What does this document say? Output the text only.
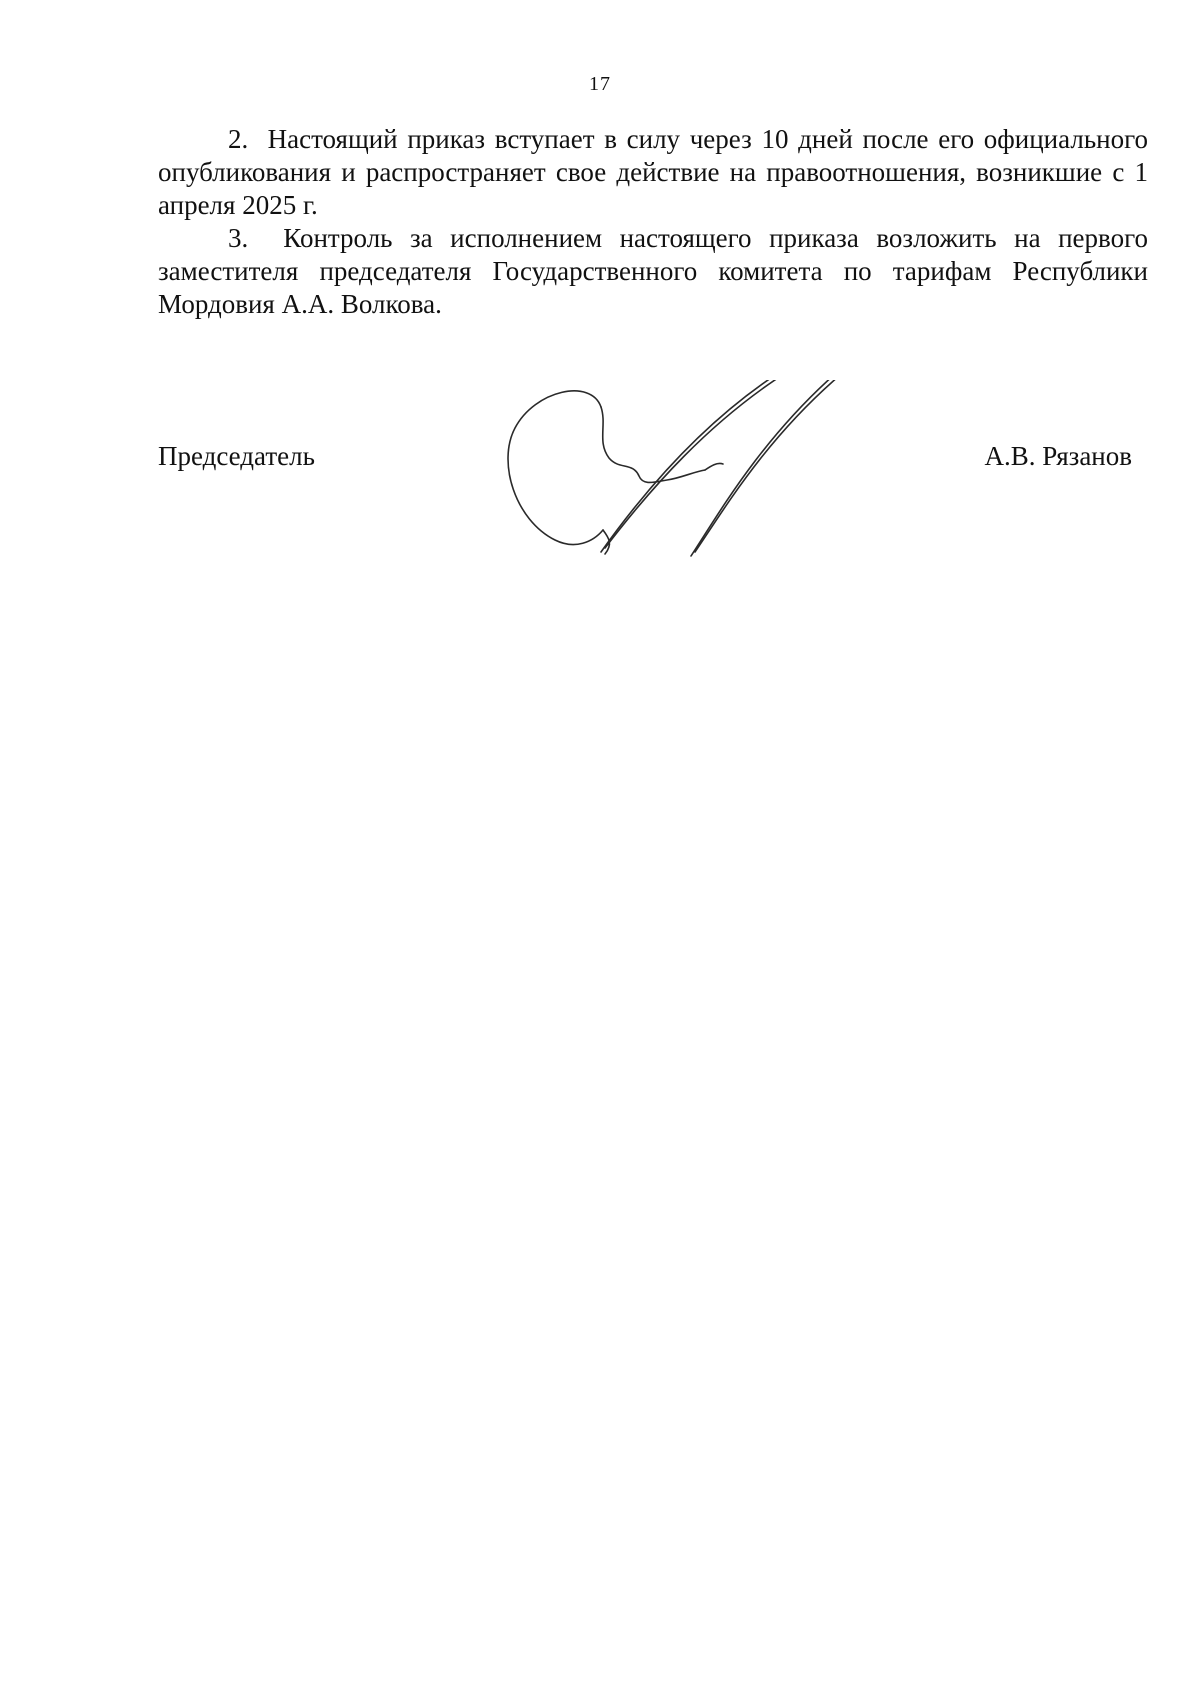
17

2.  Настоящий приказ вступает в силу через 10 дней после его официального опубликования и распространяет свое действие на правоотношения, возникшие с 1 апреля 2025 г.

3.  Контроль за исполнением настоящего приказа возложить на первого заместителя председателя Государственного комитета по тарифам Республики Мордовия А.А. Волкова.

Председатель	А.В. Рязанов
